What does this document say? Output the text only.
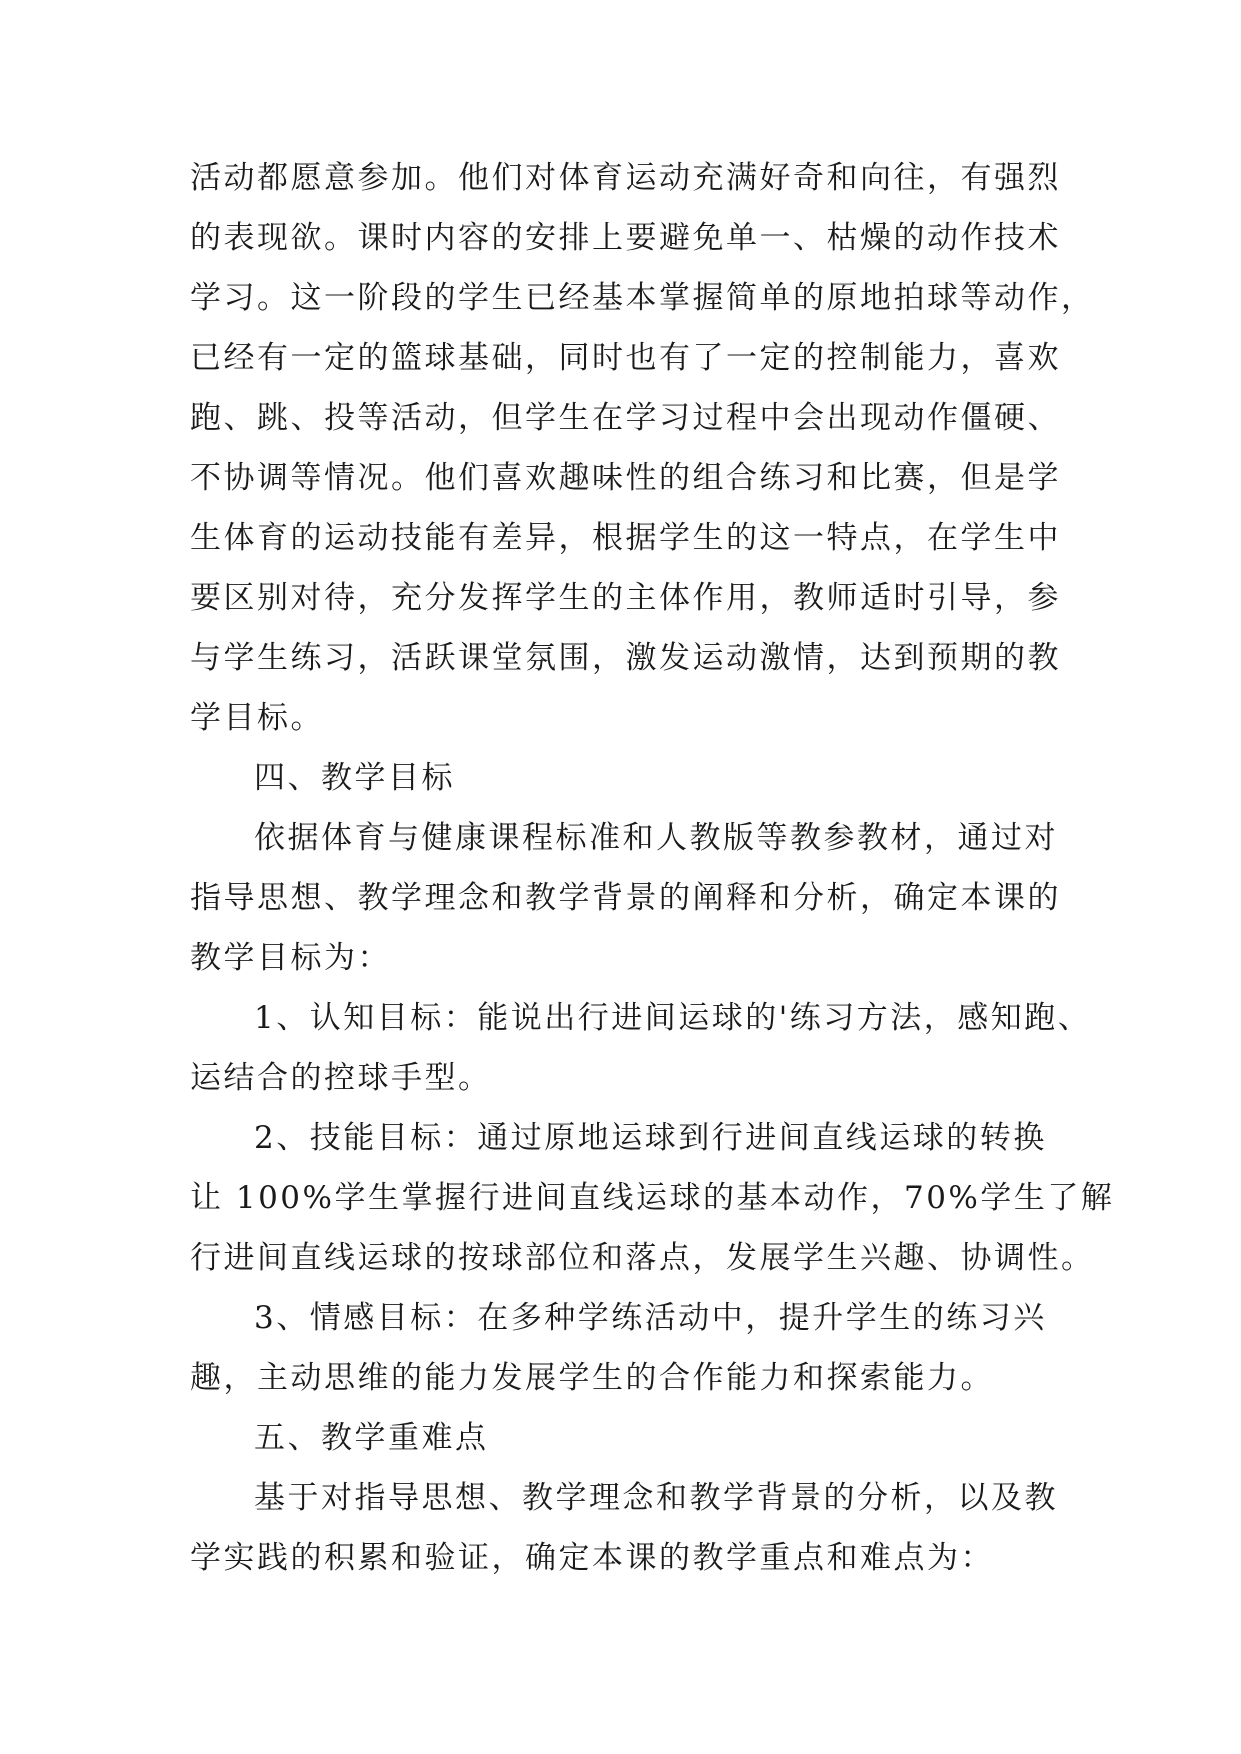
活动都愿意参加。他们对体育运动充满好奇和向往，有强烈
的表现欲。课时内容的安排上要避免单一、枯燥的动作技术
学习。这一阶段的学生已经基本掌握简单的原地拍球等动作，
已经有一定的篮球基础，同时也有了一定的控制能力，喜欢
跑、跳、投等活动，但学生在学习过程中会出现动作僵硬、
不协调等情况。他们喜欢趣味性的组合练习和比赛，但是学
生体育的运动技能有差异，根据学生的这一特点，在学生中
要区别对待，充分发挥学生的主体作用，教师适时引导，参
与学生练习，活跃课堂氛围，激发运动激情，达到预期的教
学目标。
四、教学目标
依据体育与健康课程标准和人教版等教参教材，通过对
指导思想、教学理念和教学背景的阐释和分析，确定本课的
教学目标为：
1、认知目标：能说出行进间运球的'练习方法，感知跑、
运结合的控球手型。
2、技能目标：通过原地运球到行进间直线运球的转换
让 100%学生掌握行进间直线运球的基本动作，70%学生了解
行进间直线运球的按球部位和落点，发展学生兴趣、协调性。
3、情感目标：在多种学练活动中，提升学生的练习兴
趣，主动思维的能力发展学生的合作能力和探索能力。
五、教学重难点
基于对指导思想、教学理念和教学背景的分析，以及教
学实践的积累和验证，确定本课的教学重点和难点为：
